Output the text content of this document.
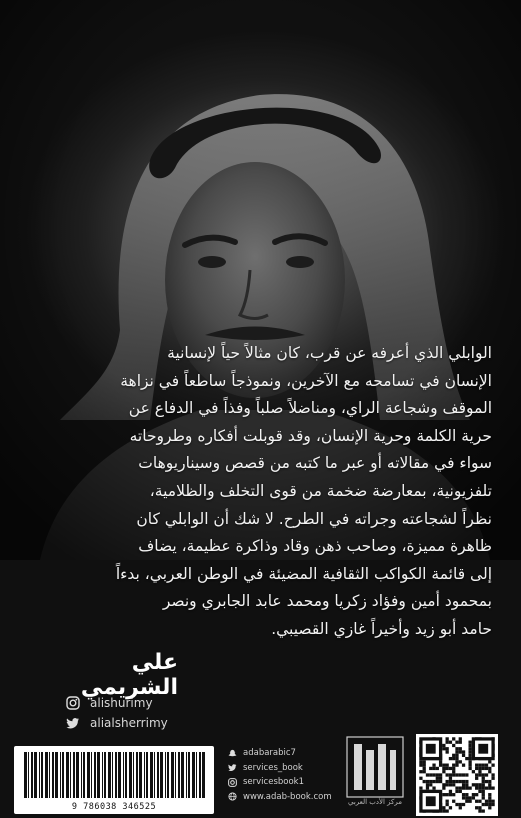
الوابلي الذي أعرفه عن قرب، كان مثالاً حياً لإنسانية
الإنسان في تسامحه مع الآخرين، ونموذجاً ساطعاً في نزاهة
الموقف وشجاعة الراي، ومناضلاً صلباً وفذاً في الدفاع عن
حرية الكلمة وحرية الإنسان، وقد قوبلت أفكاره وطروحاته
سواء في مقالاته أو عبر ما كتبه من قصص وسيناريوهات
تلفزيونية، بمعارضة ضخمة من قوى التخلف والظلامية،
نظراً لشجاعته وجراته في الطرح. لا شك أن الوابلي كان
ظاهرة مميزة، وصاحب ذهن وقاد وذاكرة عظيمة، يضاف
إلى قائمة الكواكب الثقافية المضيئة في الوطن العربي، بدءاً
بمحمود أمين وفؤاد زكريا ومحمد عابد الجابري ونصر
حامد أبو زيد وأخيراً غازي القصيبي.
علي الشريمي
alishurimy
alialsherrimy
9 786038 346525
adabarabic7
services_book
servicesbook1
www.adab-book.com
مركز الأدب العربي
